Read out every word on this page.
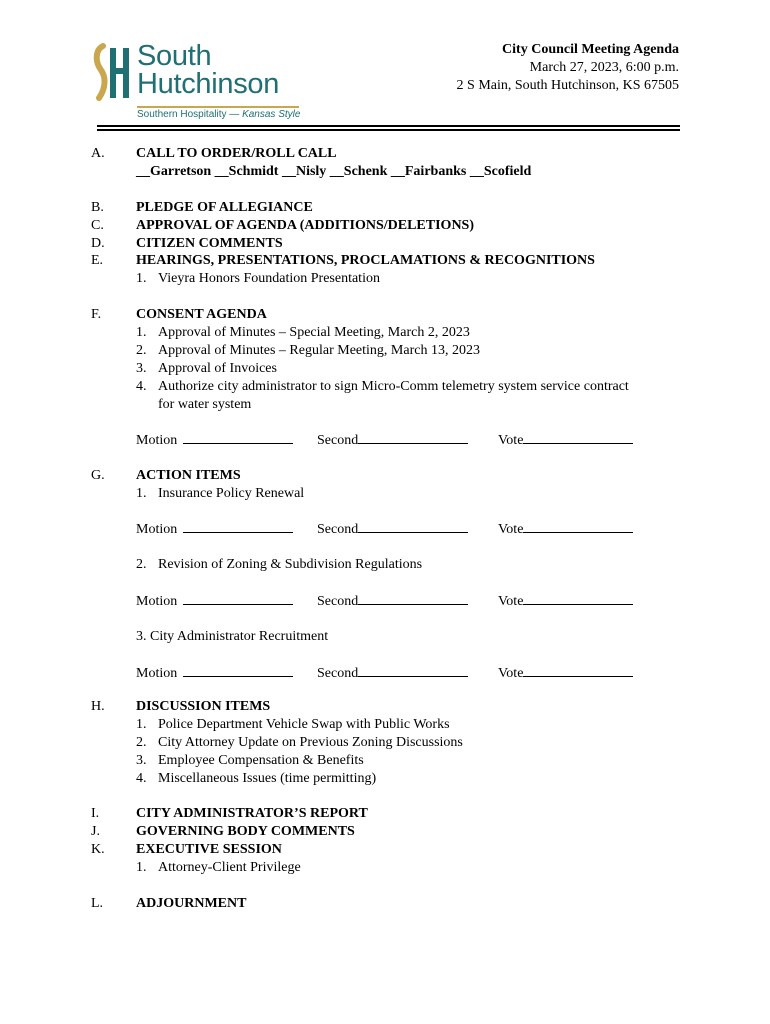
South
Hutchinson
Southern Hospitality — Kansas Style
City Council Meeting Agenda
March 27, 2023, 6:00 p.m.
2 S Main, South Hutchinson, KS 67505
A.	CALL TO ORDER/ROLL CALL
__Garretson __Schmidt __Nisly __Schenk __Fairbanks __Scofield
B.	PLEDGE OF ALLEGIANCE
C.	APPROVAL OF AGENDA (ADDITIONS/DELETIONS)
D.	CITIZEN COMMENTS
E.	HEARINGS, PRESENTATIONS, PROCLAMATIONS & RECOGNITIONS
1. Vieyra Honors Foundation Presentation
F.	CONSENT AGENDA
1. Approval of Minutes – Special Meeting, March 2, 2023
2. Approval of Minutes – Regular Meeting, March 13, 2023
3. Approval of Invoices
4. Authorize city administrator to sign Micro-Comm telemetry system service contract
for water system
Motion	Second	Vote
G.	ACTION ITEMS
1. Insurance Policy Renewal
Motion	Second	Vote
2. Revision of Zoning & Subdivision Regulations
Motion	Second	Vote
3. City Administrator Recruitment
Motion	Second	Vote
H.	DISCUSSION ITEMS
1. Police Department Vehicle Swap with Public Works
2. City Attorney Update on Previous Zoning Discussions
3. Employee Compensation & Benefits
4. Miscellaneous Issues (time permitting)
I.	CITY ADMINISTRATOR’S REPORT
J.	GOVERNING BODY COMMENTS
K.	EXECUTIVE SESSION
1. Attorney-Client Privilege
L.	ADJOURNMENT
